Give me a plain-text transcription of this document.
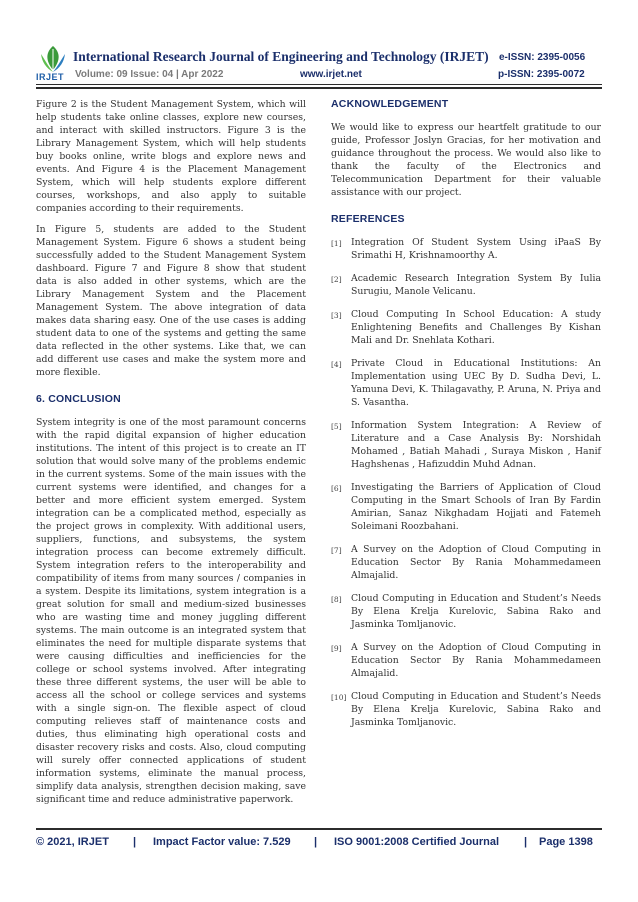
IRJET
International Research Journal of Engineering and Technology (IRJET) e-ISSN: 2395-0056
Volume: 09 Issue: 04 | Apr 2022	www.irjet.net	p-ISSN: 2395-0072

Figure 2 is the Student Management System, which will help students take online classes, explore new courses, and interact with skilled instructors. Figure 3 is the Library Management System, which will help students buy books online, write blogs and explore news and events. And Figure 4 is the Placement Management System, which will help students explore different courses, workshops, and also apply to suitable companies according to their requirements.

In Figure 5, students are added to the Student Management System. Figure 6 shows a student being successfully added to the Student Management System dashboard. Figure 7 and Figure 8 show that student data is also added in other systems, which are the Library Management System and the Placement Management System. The above integration of data makes data sharing easy. One of the use cases is adding student data to one of the systems and getting the same data reflected in the other systems. Like that, we can add different use cases and make the system more and more flexible.

6. CONCLUSION

System integrity is one of the most paramount concerns with the rapid digital expansion of higher education institutions. The intent of this project is to create an IT solution that would solve many of the problems endemic in the current systems. Some of the main issues with the current systems were identified, and changes for a better and more efficient system emerged. System integration can be a complicated method, especially as the project grows in complexity. With additional users, suppliers, functions, and subsystems, the system integration process can become extremely difficult. System integration refers to the interoperability and compatibility of items from many sources / companies in a system. Despite its limitations, system integration is a great solution for small and medium-sized businesses who are wasting time and money juggling different systems. The main outcome is an integrated system that eliminates the need for multiple disparate systems that were causing difficulties and inefficiencies for the college or school systems involved. After integrating these three different systems, the user will be able to access all the school or college services and systems with a single sign-on. The flexible aspect of cloud computing relieves staff of maintenance costs and duties, thus eliminating high operational costs and disaster recovery risks and costs. Also, cloud computing will surely offer connected applications of student information systems, eliminate the manual process, simplify data analysis, strengthen decision making, save significant time and reduce administrative paperwork.

ACKNOWLEDGEMENT

We would like to express our heartfelt gratitude to our guide, Professor Joslyn Gracias, for her motivation and guidance throughout the process. We would also like to thank the faculty of the Electronics and Telecommunication Department for their valuable assistance with our project.

REFERENCES
[1]	Integration Of Student System Using iPaaS By Srimathi H, Krishnamoorthy A.
[2]	Academic Research Integration System By Iulia Surugiu, Manole Velicanu.
[3]	Cloud Computing In School Education: A study Enlightening Benefits and Challenges By Kishan Mali and Dr. Snehlata Kothari.
[4]	Private Cloud in Educational Institutions: An Implementation using UEC By D. Sudha Devi, L. Yamuna Devi, K. Thilagavathy, P. Aruna, N. Priya and S. Vasantha.
[5]	Information System Integration: A Review of Literature and a Case Analysis By: Norshidah Mohamed , Batiah Mahadi , Suraya Miskon , Hanif Haghshenas , Hafizuddin Muhd Adnan.
[6]	Investigating the Barriers of Application of Cloud Computing in the Smart Schools of Iran By Fardin Amirian, Sanaz Nikghadam Hojjati and Fatemeh Soleimani Roozbahani.
[7]	A Survey on the Adoption of Cloud Computing in Education Sector By Rania Mohammedameen Almajalid.
[8]	Cloud Computing in Education and Student’s Needs By Elena Krelja Kurelovic, Sabina Rako and Jasminka Tomljanovic.
[9]	A Survey on the Adoption of Cloud Computing in Education Sector By Rania Mohammedameen Almajalid.
[10] Cloud Computing in Education and Student’s Needs By Elena Krelja Kurelovic, Sabina Rako and Jasminka Tomljanovic.
© 2021, IRJET | Impact Factor value: 7.529 | ISO 9001:2008 Certified Journal | Page 1398
